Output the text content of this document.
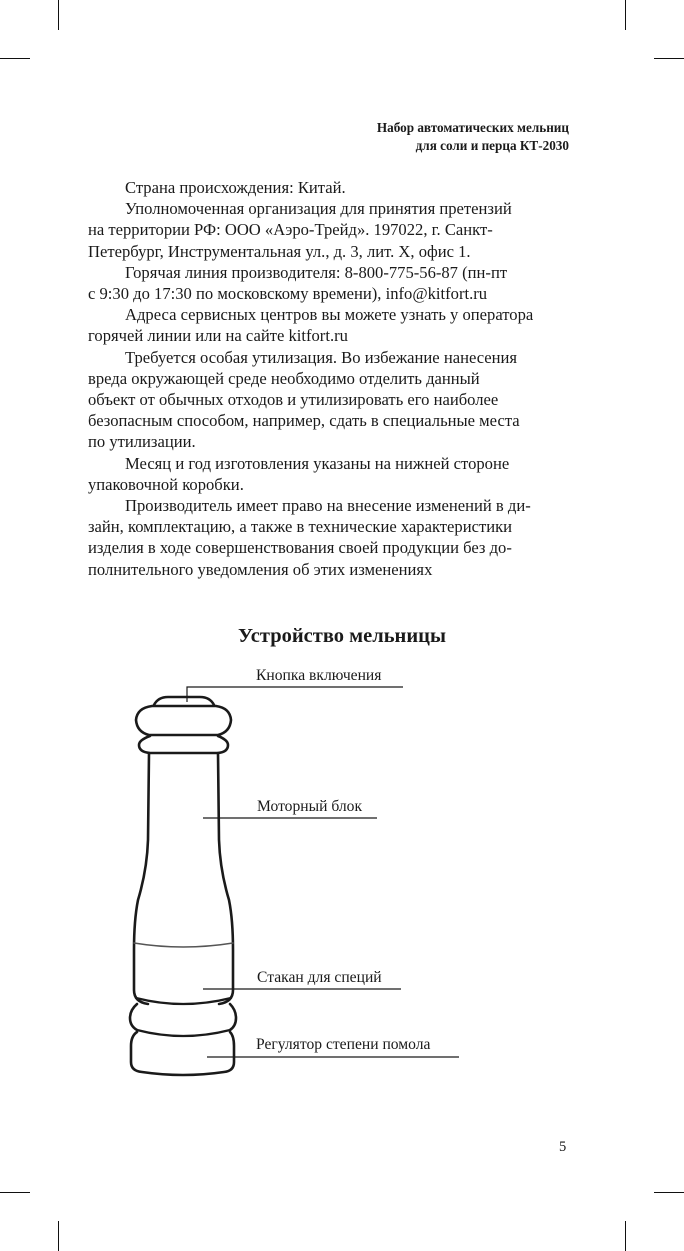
Набор автоматических мельниц
для соли и перца КТ-2030

Страна происхождения: Китай.

Уполномоченная организация для принятия претензий
на территории РФ: ООО «Аэро-Трейд». 197022, г. Санкт-
Петербург, Инструментальная ул., д. 3, лит. Х, офис 1.

Горячая линия производителя: 8-800-775-56-87 (пн-пт
с 9:30 до 17:30 по московскому времени), info@kitfort.ru

Адреса сервисных центров вы можете узнать у оператора
горячей линии или на сайте kitfort.ru

Требуется особая утилизация. Во избежание нанесения
вреда окружающей среде необходимо отделить данный
объект от обычных отходов и утилизировать его наиболее
безопасным способом, например, сдать в специальные места
по утилизации.

Месяц и год изготовления указаны на нижней стороне
упаковочной коробки.

Производитель имеет право на внесение изменений в ди-
зайн, комплектацию, а также в технические характеристики
изделия в ходе совершенствования своей продукции без до-
полнительного уведомления об этих изменениях

Устройство мельницы
Кнопка включения
Моторный блок
Стакан для специй
Регулятор степени помола
5
